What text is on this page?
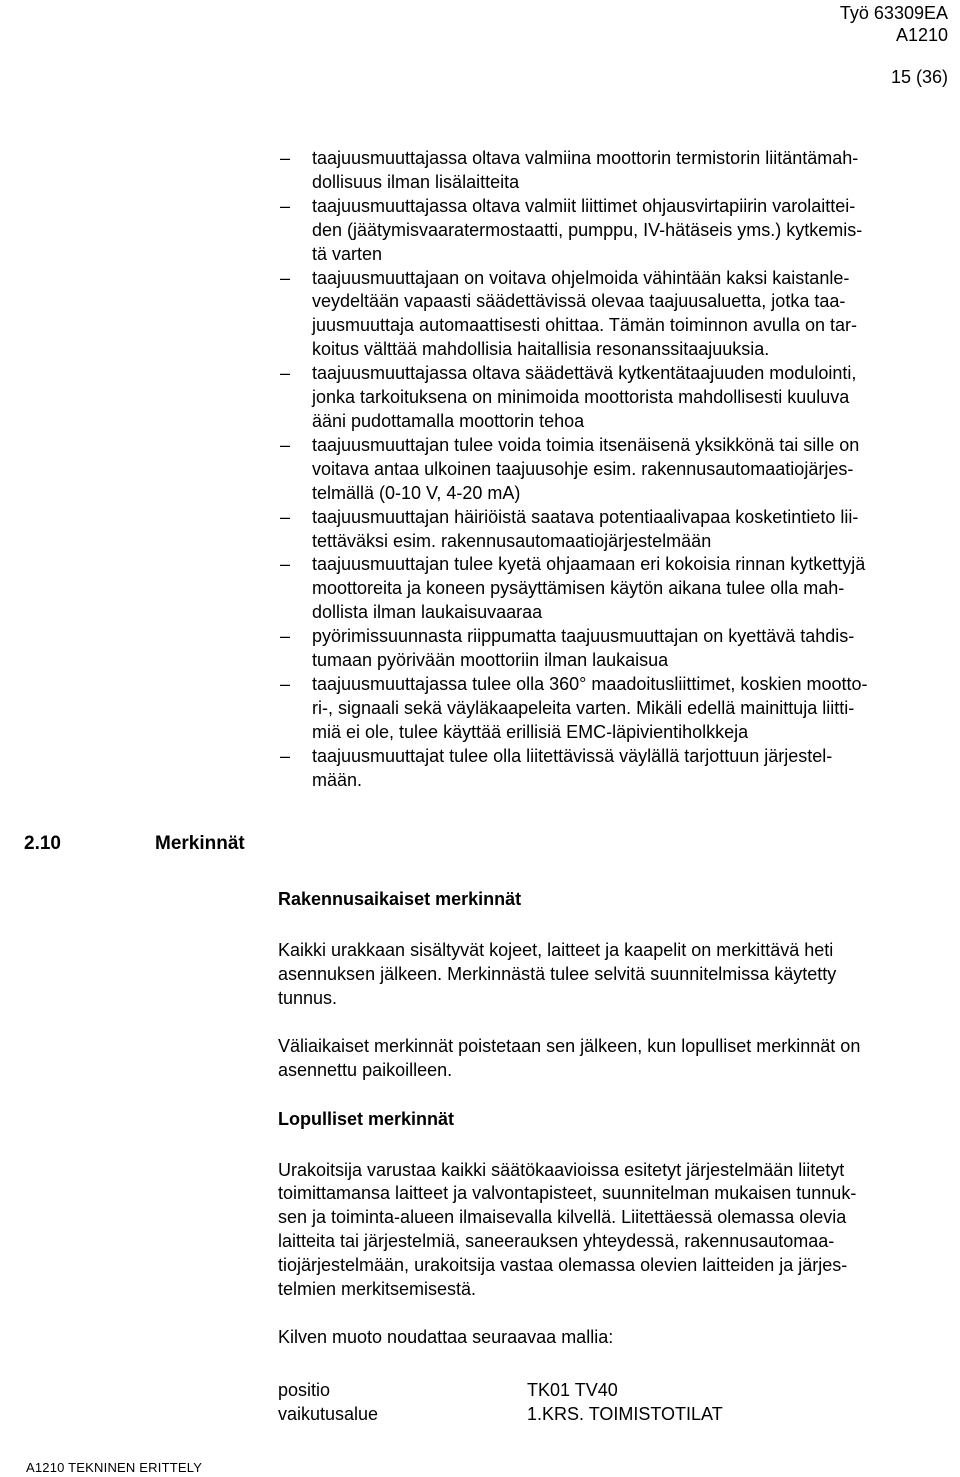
Työ 63309EA
A1210
15 (36)
–	taajuusmuuttajassa oltava valmiina moottorin termistorin liitäntämah-
dollisuus ilman lisälaitteita
–	taajuusmuuttajassa oltava valmiit liittimet ohjausvirtapiirin varolaittei-
den (jäätymisvaaratermostaatti, pumppu, IV-hätäseis yms.) kytkemis-
tä varten
–	taajuusmuuttajaan on voitava ohjelmoida vähintään kaksi kaistanle-
veydeltään vapaasti säädettävissä olevaa taajuusaluetta, jotka taa-
juusmuuttaja automaattisesti ohittaa. Tämän toiminnon avulla on tar-
koitus välttää mahdollisia haitallisia resonanssitaajuuksia.
–	taajuusmuuttajassa oltava säädettävä kytkentätaajuuden modulointi,
jonka tarkoituksena on minimoida moottorista mahdollisesti kuuluva
ääni pudottamalla moottorin tehoa
–	taajuusmuuttajan tulee voida toimia itsenäisenä yksikkönä tai sille on
voitava antaa ulkoinen taajuusohje esim. rakennusautomaatiojärjes-
telmällä (0-10 V, 4-20 mA)
–	taajuusmuuttajan häiriöistä saatava potentiaalivapaa kosketintieto lii-
tettäväksi esim. rakennusautomaatiojärjestelmään
–	taajuusmuuttajan tulee kyetä ohjaamaan eri kokoisia rinnan kytkettyjä
moottoreita ja koneen pysäyttämisen käytön aikana tulee olla mah-
dollista ilman laukaisuvaaraa
–	pyörimissuunnasta riippumatta taajuusmuuttajan on kyettävä tahdis-
tumaan pyörivään moottoriin ilman laukaisua
–	taajuusmuuttajassa tulee olla 360° maadoitusliittimet, koskien mootto-
ri-, signaali sekä väyläkaapeleita varten. Mikäli edellä mainittuja liitti-
miä ei ole, tulee käyttää erillisiä EMC-läpivientiholkkeja
–	taajuusmuuttajat tulee olla liitettävissä väylällä tarjottuun järjestel-
mään.
2.10	Merkinnät
Rakennusaikaiset merkinnät
Kaikki urakkaan sisältyvät kojeet, laitteet ja kaapelit on merkittävä heti
asennuksen jälkeen. Merkinnästä tulee selvitä suunnitelmissa käytetty
tunnus.
Väliaikaiset merkinnät poistetaan sen jälkeen, kun lopulliset merkinnät on
asennettu paikoilleen.
Lopulliset merkinnät
Urakoitsija varustaa kaikki säätökaavioissa esitetyt järjestelmään liitetyt
toimittamansa laitteet ja valvontapisteet, suunnitelman mukaisen tunnuk-
sen ja toiminta-alueen ilmaisevalla kilvellä. Liitettäessä olemassa olevia
laitteita tai järjestelmiä, saneerauksen yhteydessä, rakennusautomaa-
tiojärjestelmään, urakoitsija vastaa olemassa olevien laitteiden ja järjes-
telmien merkitsemisestä.
Kilven muoto noudattaa seuraavaa mallia:
positio	TK01 TV40
vaikutusalue	1.KRS. TOIMISTOTILAT
A1210 TEKNINEN ERITTELY
